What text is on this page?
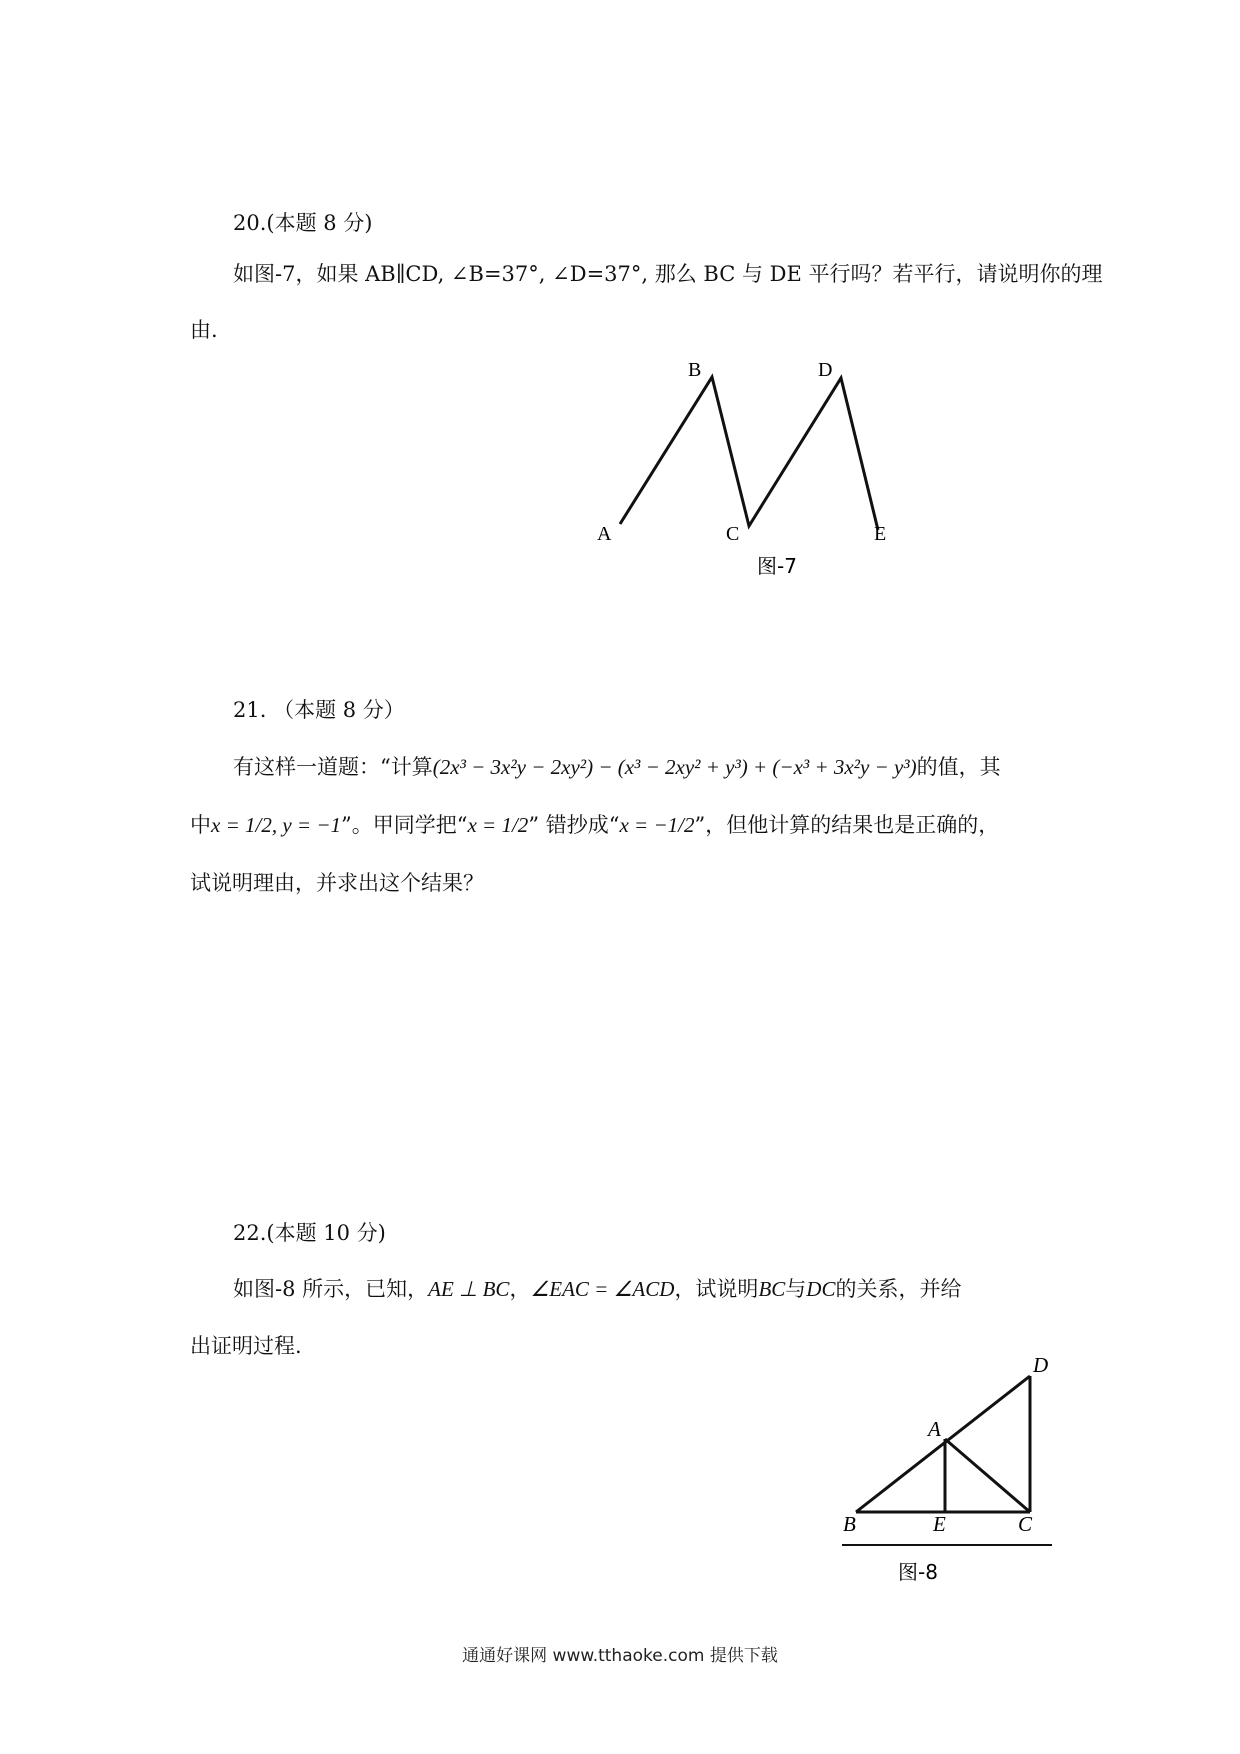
20.(本题 8 分)
如图-7，如果 AB∥CD, ∠B=37°, ∠D=37°, 那么 BC 与 DE 平行吗？若平行，请说明你的理
由.
A
B
C
D
E
图-7
A
B	C
D
E
图-8
21. （本题 8 分）
有这样一道题：“计算(2x³ − 3x²y − 2xy²) − (x³ − 2xy² + y³) + (−x³ + 3x²y − y³)的值，其
中x = 1/2, y = −1”。甲同学把“x = 1/2” 错抄成“x = −1/2”，但他计算的结果也是正确的，
试说明理由，并求出这个结果？
22.(本题 10 分)
如图-8 所示，已知，AE ⊥ BC，∠EAC = ∠ACD，试说明BC与DC的关系，并给
出证明过程.
通通好课网 www.tthaoke.com 提供下载
